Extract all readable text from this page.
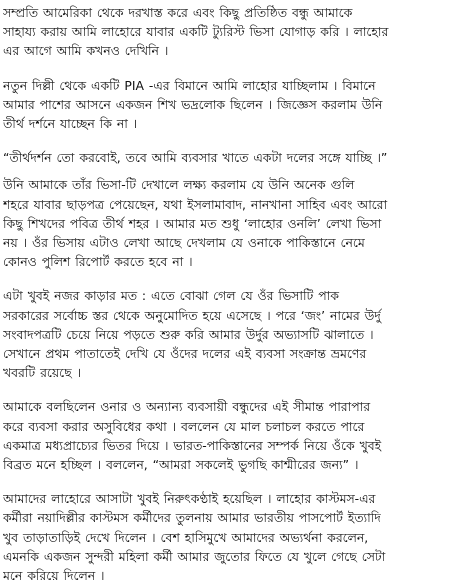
সম্প্রতি আমেরিকা থেকে দরখাস্ত করে এবং কিছু প্রতিষ্ঠিত বন্ধু আমাকে
সাহায্য করায় আমি লাহোরে যাবার একটি ট্যুরিস্ট ভিসা যোগাড় করি । লাহোর
এর আগে আমি কখনও দেখিনি ।
নতুন দিল্লী থেকে একটি PIA -এর বিমানে আমি লাহোর যাচ্ছিলাম । বিমানে
আমার পাশের আসনে একজন শিখ ভদ্রলোক ছিলেন । জিজ্ঞেস করলাম উনি
তীর্থ দর্শনে যাচ্ছেন কি না ।
“তীর্থদর্শন তো করবোই, তবে আমি ব্যবসার খাতে একটা দলের সঙ্গে যাচ্ছি ।”
উনি আমাকে তাঁর ভিসা-টি দেখালে লক্ষ্য করলাম যে উনি অনেক গুলি
শহরে যাবার ছাড়পত্র পেয়েছেন, যথা ইসলামাবাদ, নানখানা সাহিব এবং আরো
কিছু শিখদের পবিত্র তীর্থ শহর । আমার মত শুধু ‘লাহোর ওনলি’ লেখা ভিসা
নয় । ওঁর ভিসায় এটাও লেখা আছে দেখলাম যে ওনাকে পাকিস্তানে নেমে
কোনও পুলিশ রিপোর্ট করতে হবে না ।
এটা খুবই নজর কাড়ার মত : এতে বোঝা গেল যে ওঁর ভিসাটি পাক
সরকারের সর্বোচ্চ স্তর থেকে অনুমোদিত হয়ে এসেছে । পরে ‘জং’ নামের উর্দু
সংবাদপত্রটি চেয়ে নিয়ে পড়তে শুরু করি আমার উর্দুর অভ্যাসটি ঝালাতে ।
সেখানে প্রথম পাতাতেই দেখি যে ওঁদের দলের এই ব্যবসা সংক্রান্ত ভ্রমণের
খবরটি রয়েছে ।
আমাকে বলছিলেন ওনার ও অন্যান্য ব্যবসায়ী বন্ধুদের এই সীমান্ত পারাপার
করে ব্যবসা করার অসুবিধের কথা । বললেন যে মাল চলাচল করতে পারে
একমাত্র মধ্যপ্রাচ্যের ভিতর দিয়ে । ভারত-পাকিস্তানের সম্পর্ক নিয়ে ওঁকে খুবই
বিব্রত মনে হচ্ছিল । বললেন, “আমরা সকলেই ভুগছি কাশ্মীরের জন্য” ।
আমাদের লাহোরে আসাটা খুবই নিরুৎকণ্ঠাই হয়েছিল । লাহোর কাস্টমস-এর
কর্মীরা নয়াদিল্লীর কাস্টমস কর্মীদের তুলনায় আমার ভারতীয় পাসপোর্ট ইত্যাদি
খুব তাড়াতাড়িই দেখে দিলেন । বেশ হাসিমুখে আমাদের অভ্যর্থনা করলেন,
এমনকি একজন সুন্দরী মহিলা কর্মী আমার জুতোর ফিতে যে খুলে গেছে সেটা
মনে করিয়ে দিলেন ।
